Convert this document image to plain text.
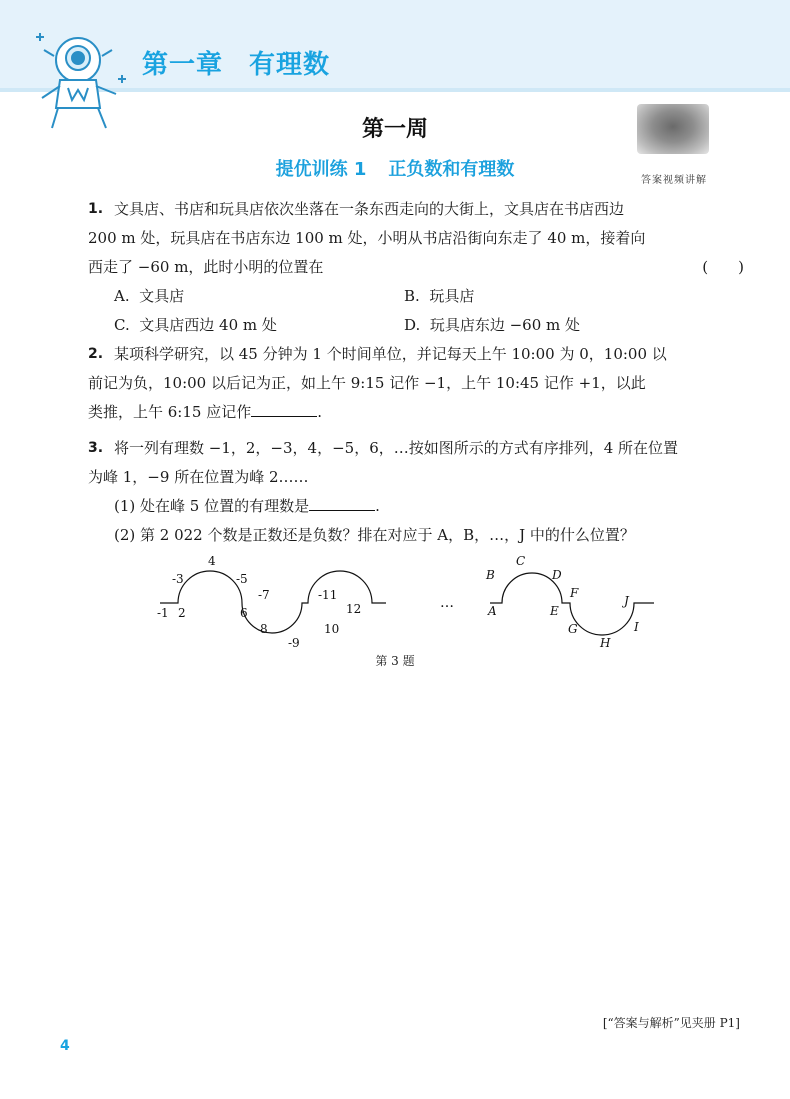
第一章 有理数
第一周
提优训练 1 正负数和有理数
答案视频讲解
1. 文具店、书店和玩具店依次坐落在一条东西走向的大街上，文具店在书店西边
200 m 处，玩具店在书店东边 100 m 处，小明从书店沿街向东走了 40 m，接着向
西走了 −60 m，此时小明的位置在	(　　)
A. 文具店	B. 玩具店
C. 文具店西边 40 m 处	D. 玩具店东边 −60 m 处
2. 某项科学研究，以 45 分钟为 1 个时间单位，并记每天上午 10:00 为 0，10:00 以
前记为负，10:00 以后记为正，如上午 9:15 记作 −1，上午 10:45 记作 +1，以此
类推，上午 6:15 应记作	.
3. 将一列有理数 −1，2，−3，4，−5，6，…按如图所示的方式有序排列，4 所在位置
为峰 1，−9 所在位置为峰 2……
(1) 处在峰 5 位置的有理数是	.
(2) 第 2 022 个数是正数还是负数？排在对应于 A，B，…，J 中的什么位置？
-1 2
-3
4
-5
6
-7
8
-9
10
-11
12	…	A
B
C
D
E
F
G
H
I
J
第 3 题
[“答案与解析”见夹册 P1]
4
